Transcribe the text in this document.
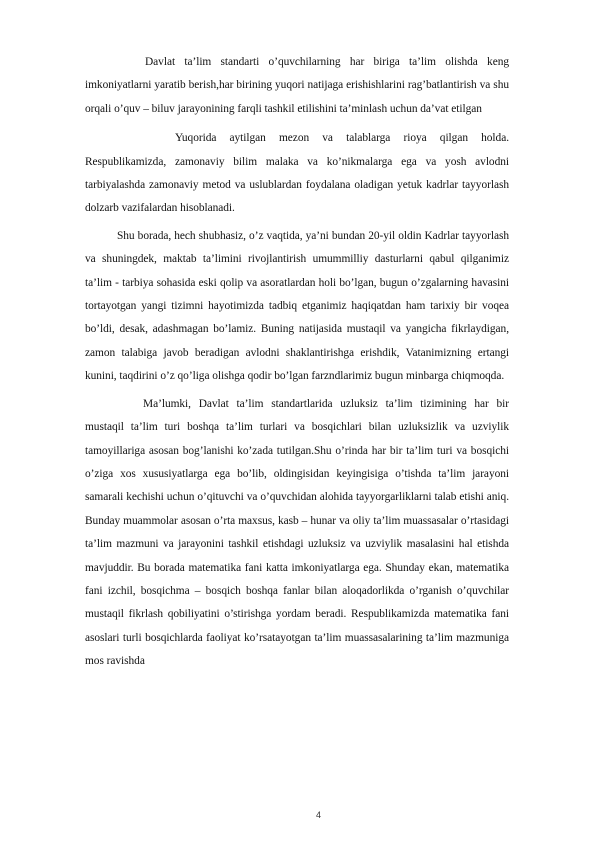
Davlat ta’lim standarti o’quvchilarning har biriga ta’lim olishda keng imkoniyatlarni yaratib berish,har birining yuqori natijaga erishishlarini rag’batlantirish va shu orqali o’quv – biluv jarayonining farqli tashkil etilishini ta’minlash uchun da’vat etilgan

Yuqorida aytilgan mezon va talablarga rioya qilgan holda. Respublikamizda, zamonaviy bilim malaka va ko’nikmalarga ega va yosh avlodni tarbiyalashda zamonaviy metod va uslublardan foydalana oladigan yetuk kadrlar tayyorlash dolzarb vazifalardan hisoblanadi.

Shu borada, hech shubhasiz, o’z vaqtida, ya’ni bundan 20-yil oldin Kadrlar tayyorlash va shuningdek, maktab ta’limini rivojlantirish umummilliy dasturlarni qabul qilganimiz ta’lim - tarbiya sohasida eski qolip va asoratlardan holi bo’lgan, bugun o’zgalarning havasini tortayotgan yangi tizimni hayotimizda tadbiq etganimiz haqiqatdan ham tarixiy bir voqea bo’ldi, desak, adashmagan bo’lamiz. Buning natijasida mustaqil va yangicha fikrlaydigan, zamon talabiga javob beradigan avlodni shaklantirishga erishdik, Vatanimizning ertangi kunini, taqdirini o’z qo’liga olishga qodir bo’lgan farzndlarimiz bugun minbarga chiqmoqda.

Ma’lumki, Davlat ta’lim standartlarida uzluksiz ta’lim tizimining har bir mustaqil ta’lim turi boshqa ta’lim turlari va bosqichlari bilan uzluksizlik va uzviylik tamoyillariga asosan bog’lanishi ko’zada tutilgan.Shu o’rinda har bir ta’lim turi va bosqichi o’ziga xos xususiyatlarga ega bo’lib, oldingisidan keyingisiga o’tishda ta’lim jarayoni samarali kechishi uchun o’qituvchi va o’quvchidan alohida tayyorgarliklarni talab etishi aniq. Bunday muammolar asosan o’rta maxsus, kasb – hunar va oliy ta’lim muassasalar o’rtasidagi ta’lim mazmuni va jarayonini tashkil etishdagi uzluksiz va uzviylik masalasini hal etishda mavjuddir. Bu borada matematika fani katta imkoniyatlarga ega. Shunday ekan, matematika fani izchil, bosqichma – bosqich boshqa fanlar bilan aloqadorlikda o’rganish o’quvchilar mustaqil fikrlash qobiliyatini o’stirishga yordam beradi. Respublikamizda matematika fani asoslari turli bosqichlarda faoliyat ko’rsatayotgan ta’lim muassasalarining ta’lim mazmuniga mos ravishda

4
